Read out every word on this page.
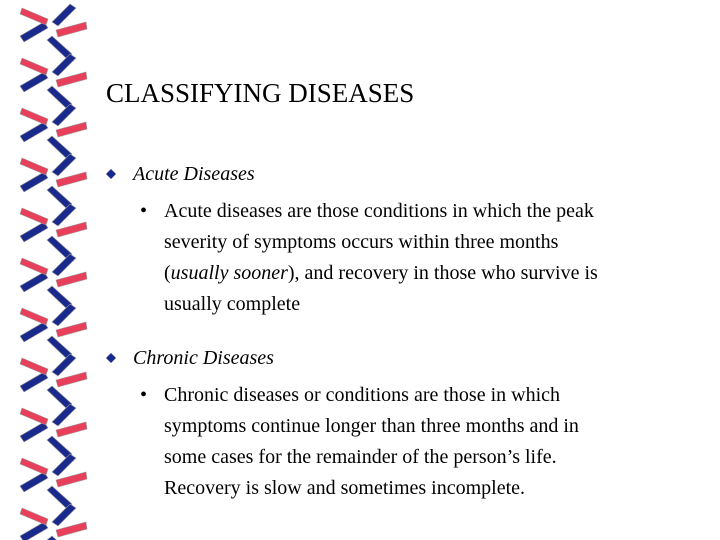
CLASSIFYING DISEASES
Acute Diseases
• Acute diseases are those conditions in which the peak
severity of symptoms occurs within three months
(usually sooner), and recovery in those who survive is
usually complete
Chronic Diseases
• Chronic diseases or conditions are those in which
symptoms continue longer than three months and in
some cases for the remainder of the person’s life.
Recovery is slow and sometimes incomplete.
